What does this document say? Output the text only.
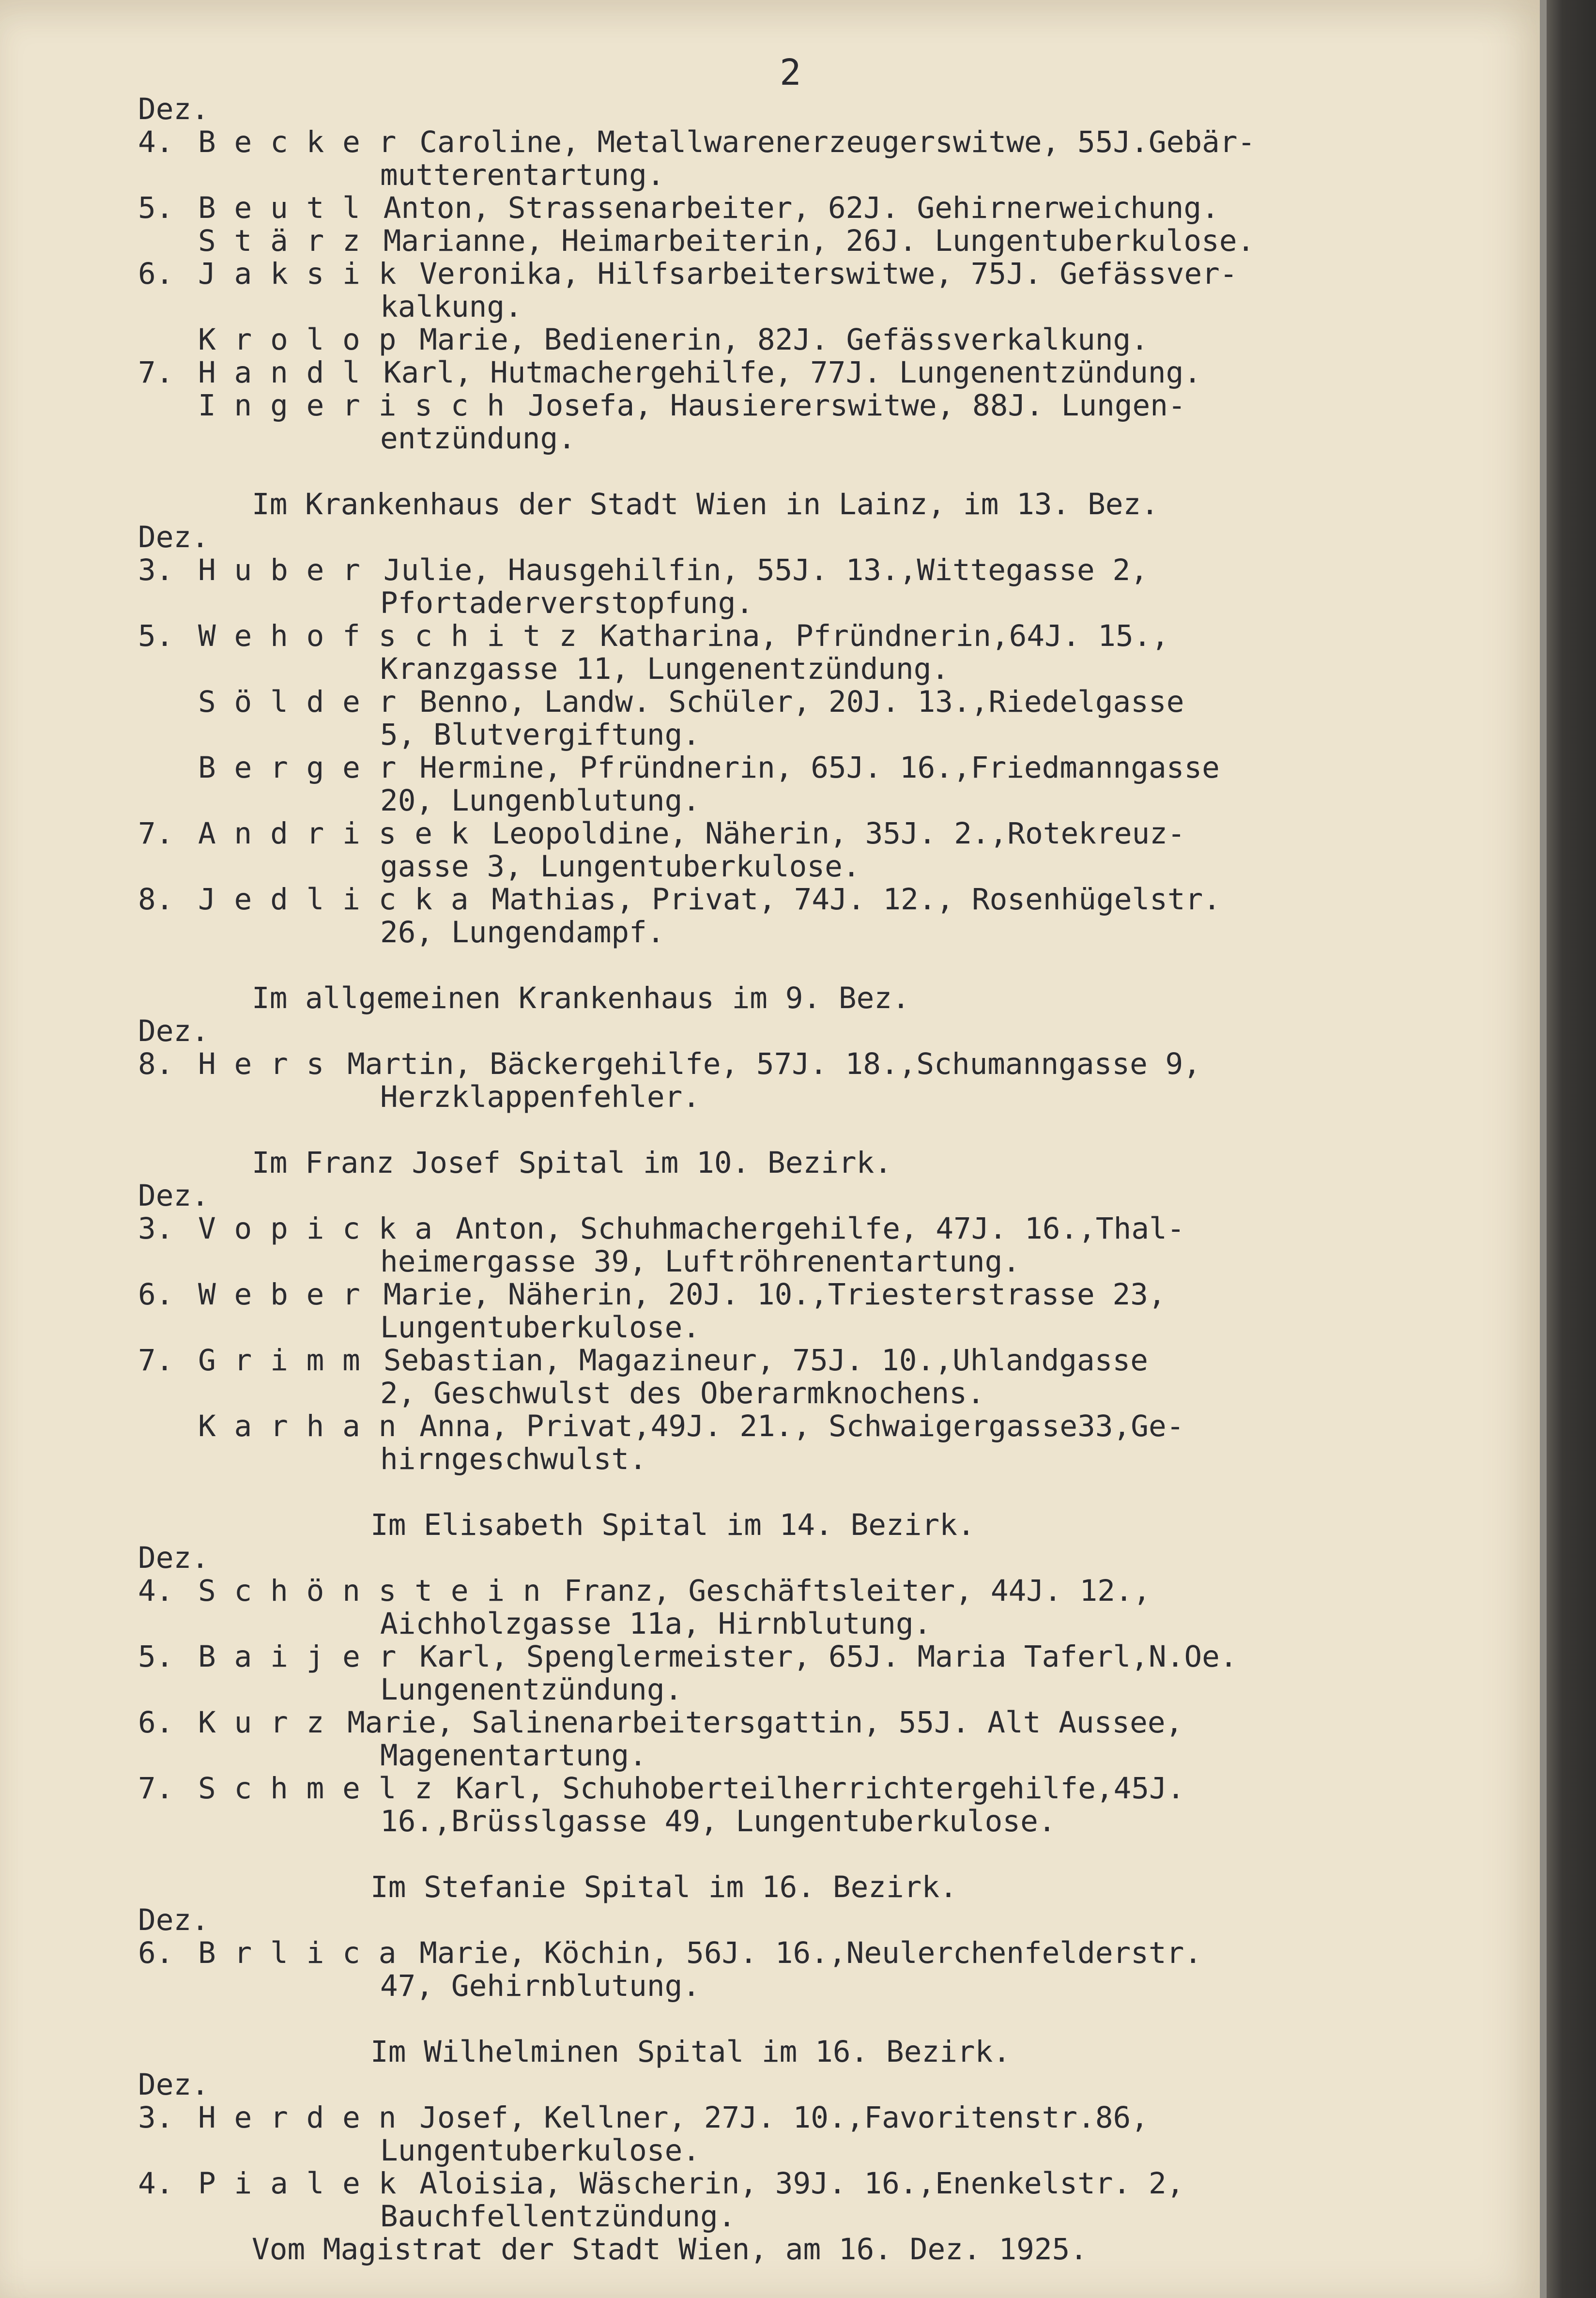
2
Dez.
4. Becker Caroline, Metallwarenerzeugerswitwe, 55J.Gebär-
mutterentartung.
5. Beutl Anton, Strassenarbeiter, 62J. Gehirnerweichung.
Stärz Marianne, Heimarbeiterin, 26J. Lungentuberkulose.
6. Jaksik Veronika, Hilfsarbeiterswitwe, 75J. Gefässver-
kalkung.
Krolop Marie, Bedienerin, 82J. Gefässverkalkung.
7. Handl Karl, Hutmachergehilfe, 77J. Lungenentzündung.
Ingerisch Josefa, Hausiererswitwe, 88J. Lungen-
entzündung.
Im Krankenhaus der Stadt Wien in Lainz, im 13. Bez.
Dez.
3. Huber Julie, Hausgehilfin, 55J. 13.,Wittegasse 2,
Pfortaderverstopfung.
5. Wehofschitz Katharina, Pfründnerin,64J. 15.,
Kranzgasse 11, Lungenentzündung.
Sölder Benno, Landw. Schüler, 20J. 13.,Riedelgasse
5, Blutvergiftung.
Berger Hermine, Pfründnerin, 65J. 16.,Friedmanngasse
20, Lungenblutung.
7. Andrisek Leopoldine, Näherin, 35J. 2.,Rotekreuz-
gasse 3, Lungentuberkulose.
8. Jedlicka Mathias, Privat, 74J. 12., Rosenhügelstr.
26, Lungendampf.
Im allgemeinen Krankenhaus im 9. Bez.
Dez.
8. Hers Martin, Bäckergehilfe, 57J. 18.,Schumanngasse 9,
Herzklappenfehler.
Im Franz Josef Spital im 10. Bezirk.
Dez.
3. Vopicka Anton, Schuhmachergehilfe, 47J. 16.,Thal-
heimergasse 39, Luftröhrenentartung.
6. Weber Marie, Näherin, 20J. 10.,Triesterstrasse 23,
Lungentuberkulose.
7. Grimm Sebastian, Magazineur, 75J. 10.,Uhlandgasse
2, Geschwulst des Oberarmknochens.
Karhan Anna, Privat,49J. 21., Schwaigergasse33,Ge-
hirngeschwulst.
Im Elisabeth Spital im 14. Bezirk.
Dez.
4. Schönstein Franz, Geschäftsleiter, 44J. 12.,
Aichholzgasse 11a, Hirnblutung.
5. Baijer Karl, Spenglermeister, 65J. Maria Taferl,N.Oe.
Lungenentzündung.
6. Kurz Marie, Salinenarbeitersgattin, 55J. Alt Aussee,
Magenentartung.
7. Schmelz Karl, Schuhoberteilherrichtergehilfe,45J.
16.,Brüsslgasse 49, Lungentuberkulose.
Im Stefanie Spital im 16. Bezirk.
Dez.
6. Brlica Marie, Köchin, 56J. 16.,Neulerchenfelderstr.
47, Gehirnblutung.
Im Wilhelminen Spital im 16. Bezirk.
Dez.
3. Herden Josef, Kellner, 27J. 10.,Favoritenstr.86,
Lungentuberkulose.
4. Pialek Aloisia, Wäscherin, 39J. 16.,Enenkelstr. 2,
Bauchfellentzündung.
Vom Magistrat der Stadt Wien, am 16. Dez. 1925.
